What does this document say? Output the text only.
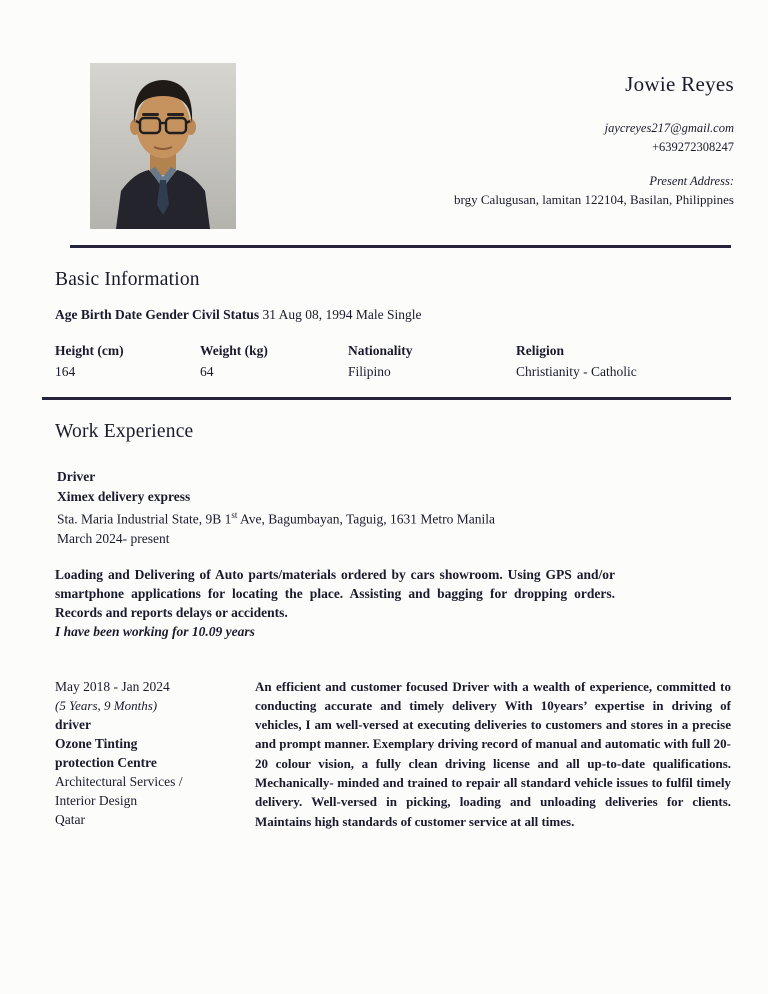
Jowie Reyes
jaycreyes217@gmail.com
+639272308247
Present Address:
brgy Calugusan, lamitan 122104, Basilan, Philippines
Basic Information

Age Birth Date Gender Civil Status 31 Aug 08, 1994 Male Single

Height (cm)	Weight (kg)	Nationality	Religion
164	64	Filipino	Christianity - Catholic
Work Experience
Driver
Ximex delivery express
Sta. Maria Industrial State, 9B 1st Ave, Bagumbayan, Taguig, 1631 Metro Manila
March 2024- present

Loading and Delivering of Auto parts/materials ordered by cars showroom. Using GPS and/or smartphone applications for locating the place. Assisting and bagging for dropping orders. Records and reports delays or accidents.

I have been working for 10.09 years

May 2018 - Jan 2024
(5 Years, 9 Months)
driver
Ozone Tinting protection Centre
Architectural Services / Interior Design
Qatar
An efficient and customer focused Driver with a wealth of experience, committed to conducting accurate and timely delivery With 10years’ expertise in driving of vehicles, I am well-versed at executing deliveries to customers and stores in a precise and prompt manner. Exemplary driving record of manual and automatic with full 20-20 colour vision, a fully clean driving license and all up-to-date qualifications. Mechanically- minded and trained to repair all standard vehicle issues to fulfil timely delivery. Well-versed in picking, loading and unloading deliveries for clients. Maintains high standards of customer service at all times.
